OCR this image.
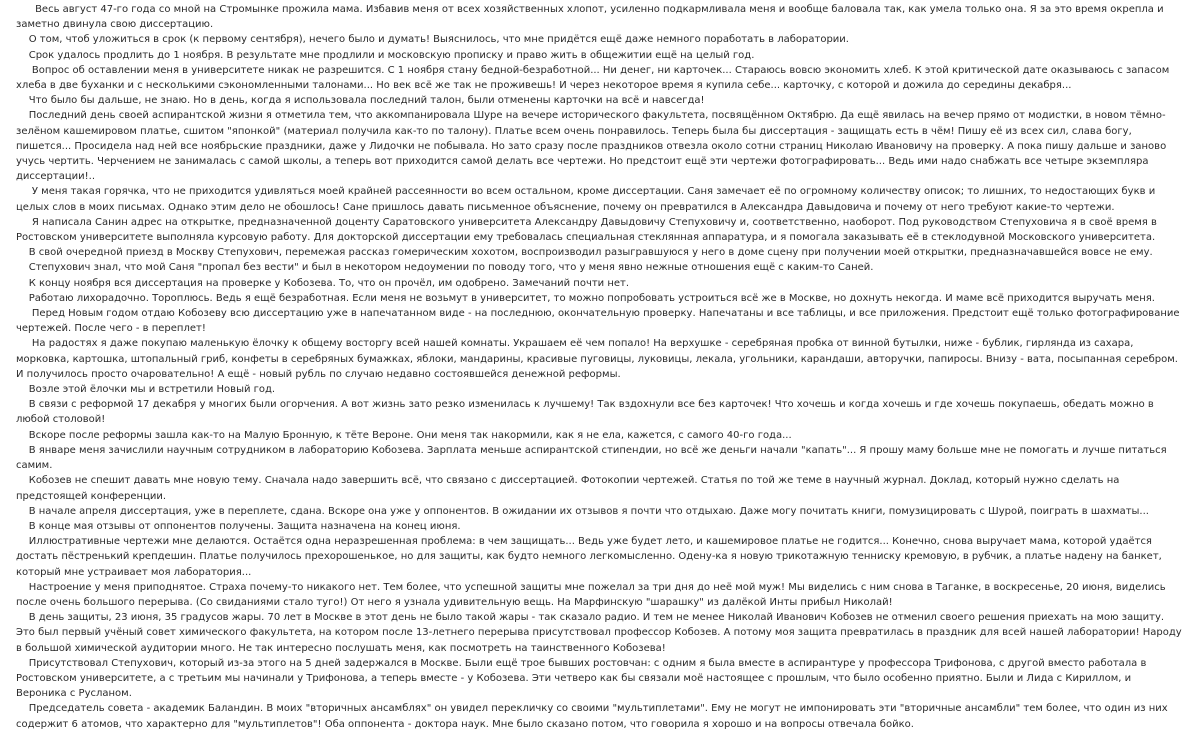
Весь август 47-го года со мной на Стромынке прожила мама. Избавив меня от всех хозяйственных хлопот, усиленно подкармливала меня и вообще баловала так, как умела только она. Я за это время окрепла и заметно двинула свою диссертацию.

О том, чтоб уложиться в срок (к первому сентября), нечего было и думать! Выяснилось, что мне придётся ещё даже немного поработать в лаборатории.

Срок удалось продлить до 1 ноября. В результате мне продлили и московскую прописку и право жить в общежитии ещё на целый год.

Вопрос об оставлении меня в университете никак не разрешится. С 1 ноября стану бедной-безработной... Ни денег, ни карточек... Стараюсь вовсю экономить хлеб. К этой критической дате оказываюсь с запасом хлеба в две буханки и с несколькими сэкономленными талонами... Но век всё же так не проживешь! И через некоторое время я купила себе... карточку, с которой и дожила до середины декабря...

Что было бы дальше, не знаю. Но в день, когда я использовала последний талон, были отменены карточки на всё и навсегда!

Последний день своей аспирантской жизни я отметила тем, что аккомпанировала Шуре на вечере исторического факультета, посвящённом Октябрю. Да ещё явилась на вечер прямо от модистки, в новом тёмно-зелёном кашемировом платье, сшитом "японкой" (материал получила как-то по талону). Платье всем очень понравилось. Теперь была бы диссертация - защищать есть в чём! Пишу её из всех сил, слава богу, пишется... Просидела над ней все ноябрьские праздники, даже у Лидочки не побывала. Но зато сразу после праздников отвезла около сотни страниц Николаю Ивановичу на проверку. А пока пишу дальше и заново учусь чертить. Черчением не занималась с самой школы, а теперь вот приходится самой делать все чертежи. Но предстоит ещё эти чертежи фотографировать... Ведь ими надо снабжать все четыре экземпляра диссертации!..

У меня такая горячка, что не приходится удивляться моей крайней рассеянности во всем остальном, кроме диссертации. Саня замечает её по огромному количеству описок; то лишних, то недостающих букв и целых слов в моих письмах. Однако этим дело не обошлось! Сане пришлось давать письменное объяснение, почему он превратился в Александра Давыдовича и почему от него требуют какие-то чертежи.

Я написала Санин адрес на открытке, предназначенной доценту Саратовского университета Александру Давыдовичу Степуховичу и, соответственно, наоборот. Под руководством Степуховича я в своё время в Ростовском университете выполняла курсовую работу. Для докторской диссертации ему требовалась специальная стеклянная аппаратура, и я помогала заказывать её в стеклодувной Московского университета.

В свой очередной приезд в Москву Степухович, перемежая рассказ гомерическим хохотом, воспроизводил разыгравшуюся у него в доме сцену при получении моей открытки, предназначавшейся вовсе не ему.

Степухович знал, что мой Саня "пропал без вести" и был в некотором недоумении по поводу того, что у меня явно нежные отношения ещё с каким-то Саней.

К концу ноября вся диссертация на проверке у Кобозева. То, что он прочёл, им одобрено. Замечаний почти нет.

Работаю лихорадочно. Тороплюсь. Ведь я ещё безработная. Если меня не возьмут в университет, то можно попробовать устроиться всё же в Москве, но дохнуть некогда. И маме всё приходится выручать меня.

Перед Новым годом отдаю Кобозеву всю диссертацию уже в напечатанном виде - на последнюю, окончательную проверку. Напечатаны и все таблицы, и все приложения. Предстоит ещё только фотографирование чертежей. После чего - в переплет!

На радостях я даже покупаю маленькую ёлочку к общему восторгу всей нашей комнаты. Украшаем её чем попало! На верхушке - серебряная пробка от винной бутылки, ниже - бублик, гирлянда из сахара, морковка, картошка, штопальный гриб, конфеты в серебряных бумажках, яблоки, мандарины, красивые пуговицы, луковицы, лекала, угольники, карандаши, авторучки, папиросы. Внизу - вата, посыпанная серебром. И получилось просто очаровательно! А ещё - новый рубль по случаю недавно состоявшейся денежной реформы.

Возле этой ёлочки мы и встретили Новый год.

В связи с реформой 17 декабря у многих были огорчения. А вот жизнь зато резко изменилась к лучшему! Так вздохнули все без карточек! Что хочешь и когда хочешь и где хочешь покупаешь, обедать можно в любой столовой!

Вскоре после реформы зашла как-то на Малую Бронную, к тёте Вероне. Они меня так накормили, как я не ела, кажется, с самого 40-го года...

В январе меня зачислили научным сотрудником в лабораторию Кобозева. Зарплата меньше аспирантской стипендии, но всё же деньги начали "капать"... Я прошу маму больше мне не помогать и лучше питаться самим.

Кобозев не спешит давать мне новую тему. Сначала надо завершить всё, что связано с диссертацией. Фотокопии чертежей. Статья по той же теме в научный журнал. Доклад, который нужно сделать на предстоящей конференции.

В начале апреля диссертация, уже в переплете, сдана. Вскоре она уже у оппонентов. В ожидании их отзывов я почти что отдыхаю. Даже могу почитать книги, помузицировать с Шурой, поиграть в шахматы...

В конце мая отзывы от оппонентов получены. Защита назначена на конец июня.

Иллюстративные чертежи мне делаются. Остаётся одна неразрешенная проблема: в чем защищать... Ведь уже будет лето, и кашемировое платье не годится... Конечно, снова выручает мама, которой удаётся достать пёстренький крепдешин. Платье получилось прехорошенькое, но для защиты, как будто немного легкомысленно. Одену-ка я новую трикотажную тенниску кремовую, в рубчик, а платье надену на банкет, который мне устраивает моя лаборатория...

Настроение у меня приподнятое. Страха почему-то никакого нет. Тем более, что успешной защиты мне пожелал за три дня до неё мой муж! Мы виделись с ним снова в Таганке, в воскресенье, 20 июня, виделись после очень большого перерыва. (Со свиданиями стало туго!) От него я узнала удивительную вещь. На Марфинскую "шарашку" из далёкой Инты прибыл Николай!

В день защиты, 23 июня, 35 градусов жары. 70 лет в Москве в этот день не было такой жары - так сказало радио. И тем не менее Николай Иванович Кобозев не отменил своего решения приехать на мою защиту. Это был первый учёный совет химического факультета, на котором после 13-летнего перерыва присутствовал профессор Кобозев. А потому моя защита превратилась в праздник для всей нашей лаборатории! Народу в большой химической аудитории много. Не так интересно послушать меня, как посмотреть на таинственного Кобозева!

Присутствовал Степухович, который из-за этого на 5 дней задержался в Москве. Были ещё трое бывших ростовчан: с одним я была вместе в аспирантуре у профессора Трифонова, с другой вместо работала в Ростовском университете, а с третьим мы начинали у Трифонова, а теперь вместе - у Кобозева. Эти четверо как бы связали моё настоящее с прошлым, что было особенно приятно. Были и Лида с Кириллом, и Вероника с Русланом.

Председатель совета - академик Баландин. В моих "вторичных ансамблях" он увидел перекличку со своими "мультиплетами". Ему не могут не импонировать эти "вторичные ансамбли" тем более, что один из них содержит 6 атомов, что характерно для "мультиплетов"! Оба оппонента - доктора наук. Мне было сказано потом, что говорила я хорошо и на вопросы отвечала бойко.
